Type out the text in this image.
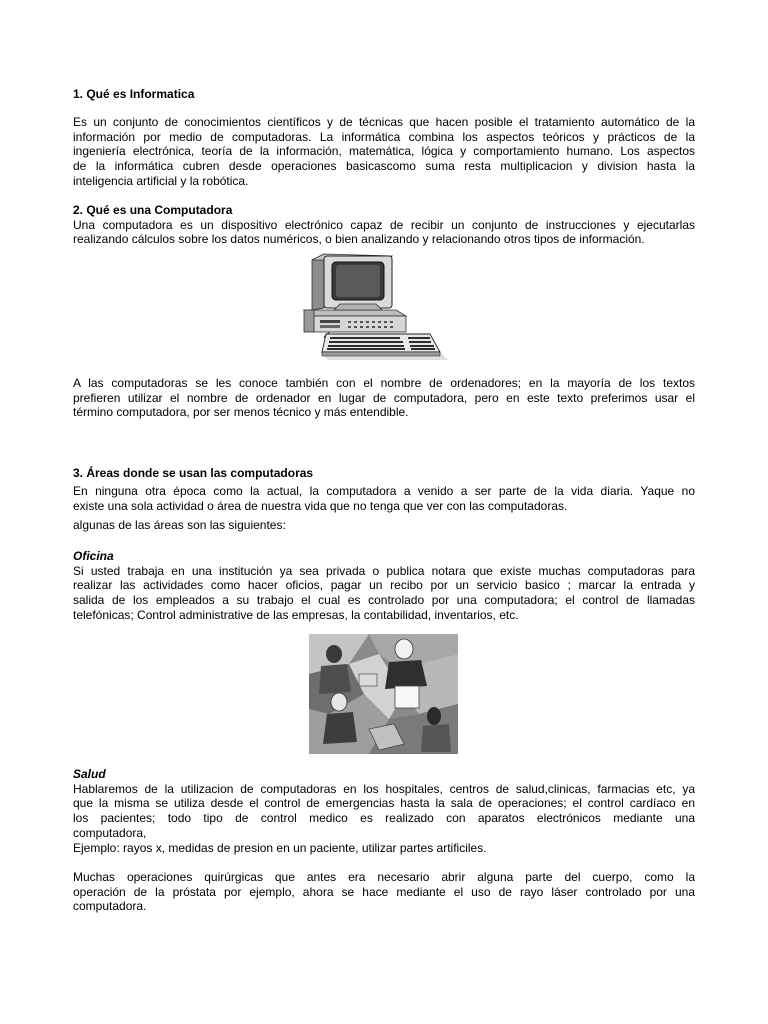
1. Qué es Informatica

Es un conjunto de conocimientos científicos y de técnicas que hacen posible el tratamiento automático de la
información por medio de computadoras. La informática combina los aspectos teóricos y prácticos de la
ingeniería electrónica, teoría de la información, matemática, lógica y comportamiento humano. Los aspectos
de la informática cubren desde operaciones basicascomo suma resta multiplicacion y division hasta la
inteligencia artificial y la robótica.

2. Qué es una Computadora

Una computadora es un dispositivo electrónico capaz de recibir un conjunto de instrucciones y ejecutarlas
realizando cálculos sobre los datos numéricos, o bien analizando y relacionando otros tipos de información.
A las computadoras se les conoce también con el nombre de ordenadores; en la mayoría de los textos
prefieren utilizar el nombre de ordenador en lugar de computadora, pero en este texto preferimos usar el
término computadora, por ser menos técnico y más entendible.

3. Áreas donde se usan las computadoras

En ninguna otra época como la actual, la computadora a venido a ser parte de la vida diaria. Yaque no
existe una sola actividad o área de nuestra vida que no tenga que ver con las computadoras.

algunas de las áreas son las siguientes:

Oficina

Si usted trabaja en una institución ya sea privada o publica notara que existe muchas computadoras para
realizar las actividades como hacer oficios, pagar un recibo por un servicio basico ; marcar la entrada y
salida de los empleados a su trabajo el cual es controlado por una computadora; el control de llamadas
telefónicas; Control administrative de las empresas, la contabilidad, inventarios, etc.

Salud

Hablaremos de la utilizacion de computadoras en los hospitales, centros de salud,clinicas, farmacias etc, ya
que la misma se utiliza desde el control de emergencias hasta la sala de operaciones; el control cardíaco en
los pacientes; todo tipo de control medico es realizado con aparatos electrónicos mediante una
computadora,

Ejemplo: rayos x, medidas de presion en un paciente, utilizar partes artificiles.

Muchas operaciones quirúrgicas que antes era necesario abrir alguna parte del cuerpo, como la
operación de la próstata por ejemplo, ahora se hace mediante el uso de rayo láser controlado por una
computadora.
